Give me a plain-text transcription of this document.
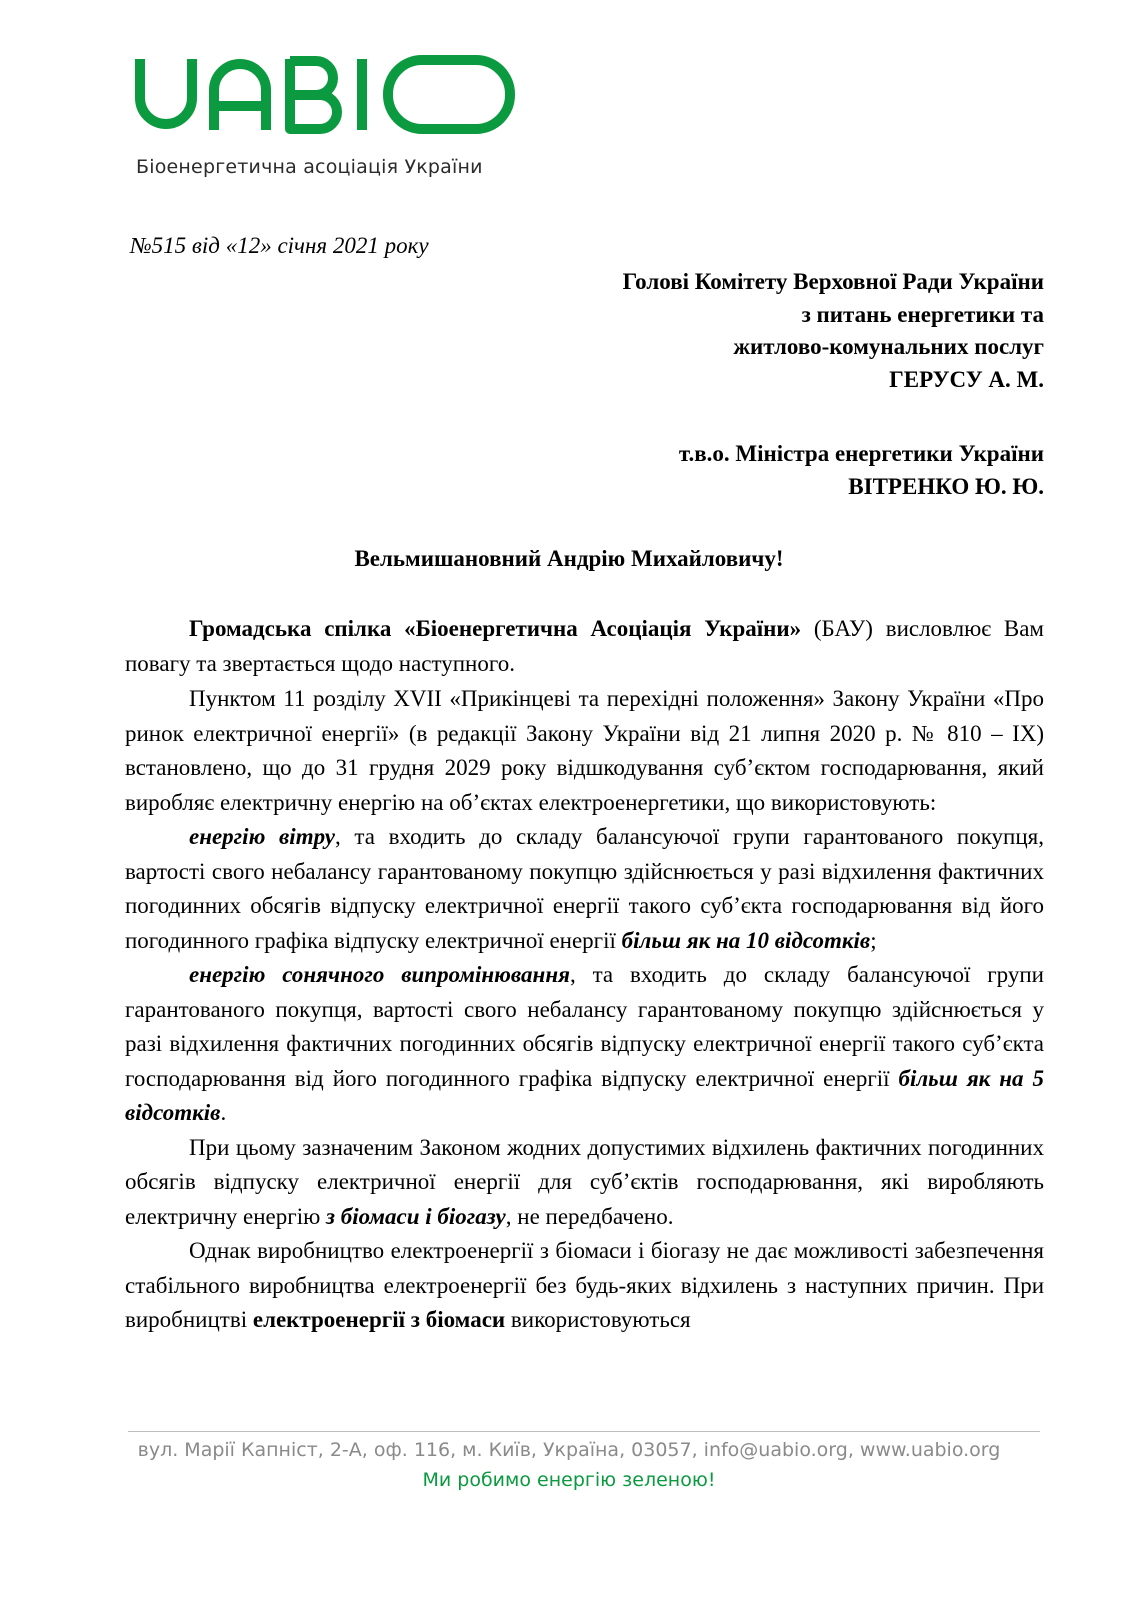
Біоенергетична асоціація України
№515 від «12» січня 2021 року
Голові Комітету Верховної Ради України
з питань енергетики та
житлово-комунальних послуг
ГЕРУСУ А. М.
т.в.о. Міністра енергетики України
ВІТРЕНКО Ю. Ю.
Вельмишановний Андрію Михайловичу!

Громадська спілка «Біоенергетична Асоціація України» (БАУ) висловлює Вам повагу та звертається щодо наступного.

Пунктом 11 розділу XVII «Прикінцеві та перехідні положення» Закону України «Про ринок електричної енергії» (в редакції Закону України від 21 липня 2020 р. № 810 – IX) встановлено, що до 31 грудня 2029 року відшкодування суб’єктом господарювання, який виробляє електричну енергію на об’єктах електроенергетики, що використовують:

енергію вітру, та входить до складу балансуючої групи гарантованого покупця, вартості свого небалансу гарантованому покупцю здійснюється у разі відхилення фактичних погодинних обсягів відпуску електричної енергії такого суб’єкта господарювання від його погодинного графіка відпуску електричної енергії більш як на 10 відсотків;

енергію сонячного випромінювання, та входить до складу балансуючої групи гарантованого покупця, вартості свого небалансу гарантованому покупцю здійснюється у разі відхилення фактичних погодинних обсягів відпуску електричної енергії такого суб’єкта господарювання від його погодинного графіка відпуску електричної енергії більш як на 5 відсотків.

При цьому зазначеним Законом жодних допустимих відхилень фактичних погодинних обсягів відпуску електричної енергії для суб’єктів господарювання, які виробляють електричну енергію з біомаси і біогазу, не передбачено.

Однак виробництво електроенергії з біомаси і біогазу не дає можливості забезпечення стабільного виробництва електроенергії без будь-яких відхилень з наступних причин. При виробництві електроенергії з біомаси використовуються

вул. Марії Капніст, 2-А, оф. 116, м. Київ, Україна, 03057, info@uabio.org, www.uabio.org
Ми робимо енергію зеленою!
